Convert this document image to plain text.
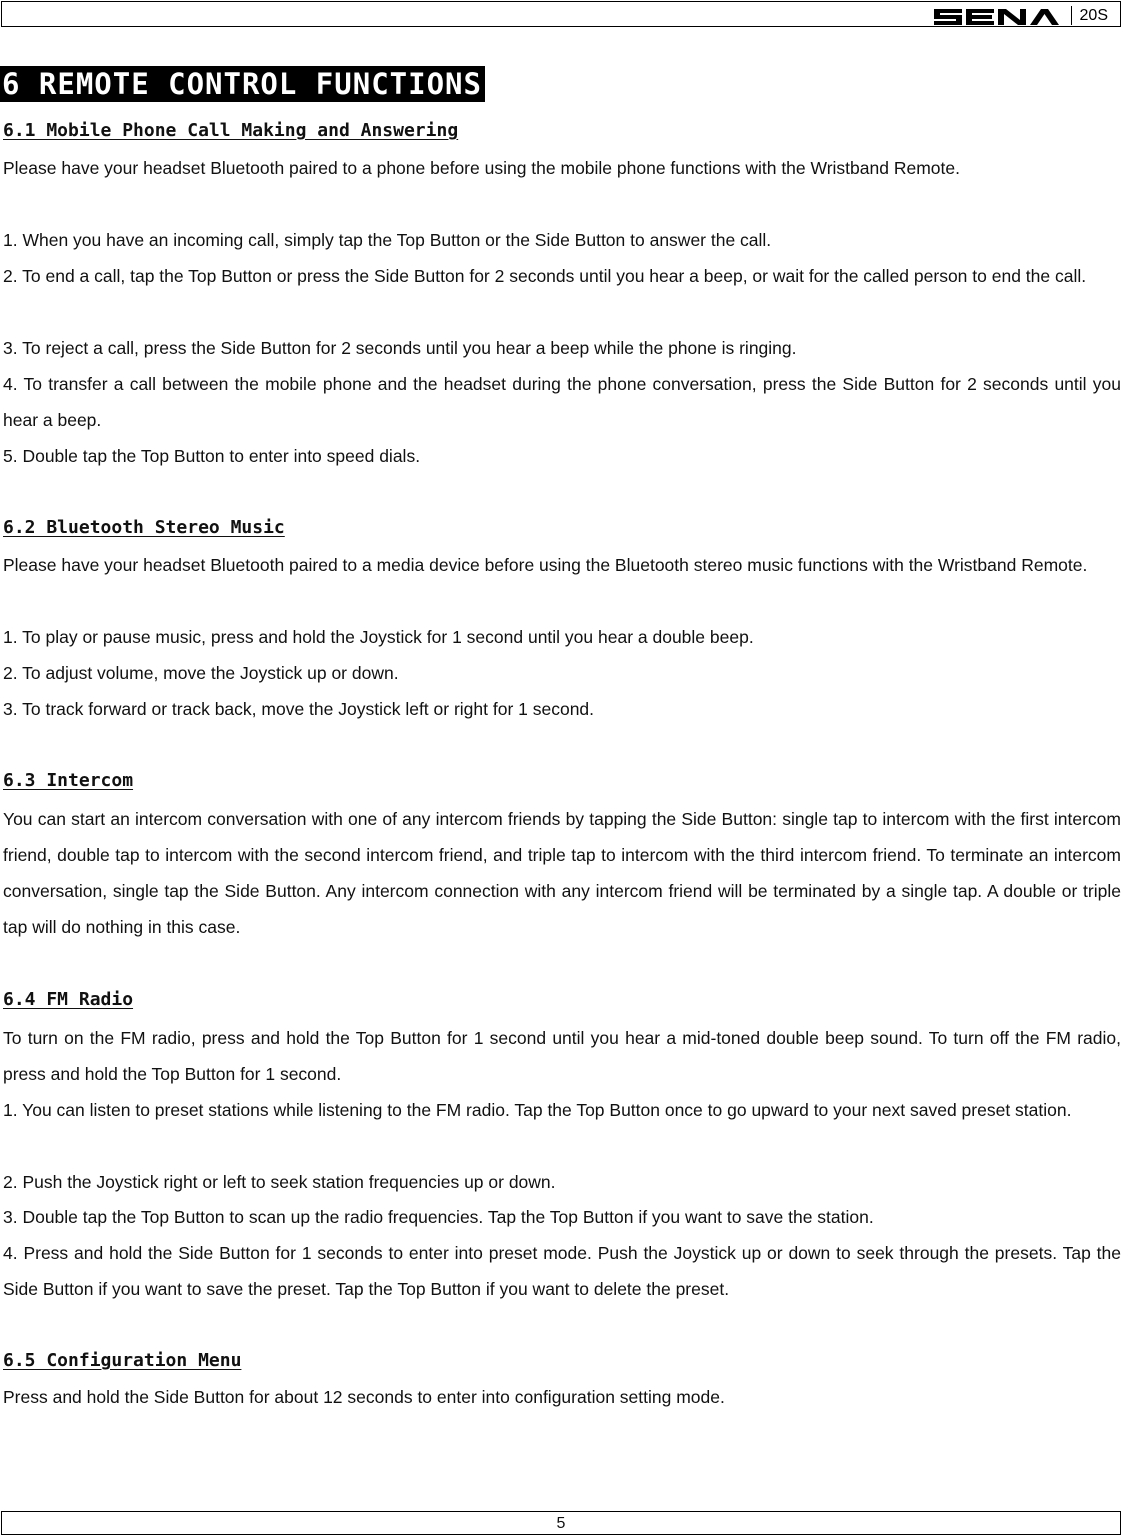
20S
6 REMOTE CONTROL FUNCTIONS
6.1 Mobile Phone Call Making and Answering

Please have your headset Bluetooth paired to a phone before using the mobile phone functions with the Wristband Remote.

1. When you have an incoming call, simply tap the Top Button or the Side Button to answer the call.

2. To end a call, tap the Top Button or press the Side Button for 2 seconds until you hear a beep, or wait for the called person to end the call.

3. To reject a call, press the Side Button for 2 seconds until you hear a beep while the phone is ringing.

4. To transfer a call between the mobile phone and the headset during the phone conversation, press the Side Button for 2 seconds until you hear a beep.

5. Double tap the Top Button to enter into speed dials.

6.2 Bluetooth Stereo Music

Please have your headset Bluetooth paired to a media device before using the Bluetooth stereo music functions with the Wristband Remote.

1. To play or pause music, press and hold the Joystick for 1 second until you hear a double beep.

2. To adjust volume, move the Joystick up or down.

3. To track forward or track back, move the Joystick left or right for 1 second.

6.3 Intercom

You can start an intercom conversation with one of any intercom friends by tapping the Side Button: single tap to intercom with the first intercom friend, double tap to intercom with the second intercom friend, and triple tap to intercom with the third intercom friend. To terminate an intercom conversation, single tap the Side Button. Any intercom connection with any intercom friend will be terminated by a single tap. A double or triple tap will do nothing in this case.

6.4 FM Radio

To turn on the FM radio, press and hold the Top Button for 1 second until you hear a mid-toned double beep sound. To turn off the FM radio, press and hold the Top Button for 1 second.

1. You can listen to preset stations while listening to the FM radio. Tap the Top Button once to go upward to your next saved preset station.

2. Push the Joystick right or left to seek station frequencies up or down.

3. Double tap the Top Button to scan up the radio frequencies. Tap the Top Button if you want to save the station.

4. Press and hold the Side Button for 1 seconds to enter into preset mode. Push the Joystick up or down to seek through the presets. Tap the Side Button if you want to save the preset. Tap the Top Button if you want to delete the preset.

6.5 Configuration Menu

Press and hold the Side Button for about 12 seconds to enter into configuration setting mode.

5
